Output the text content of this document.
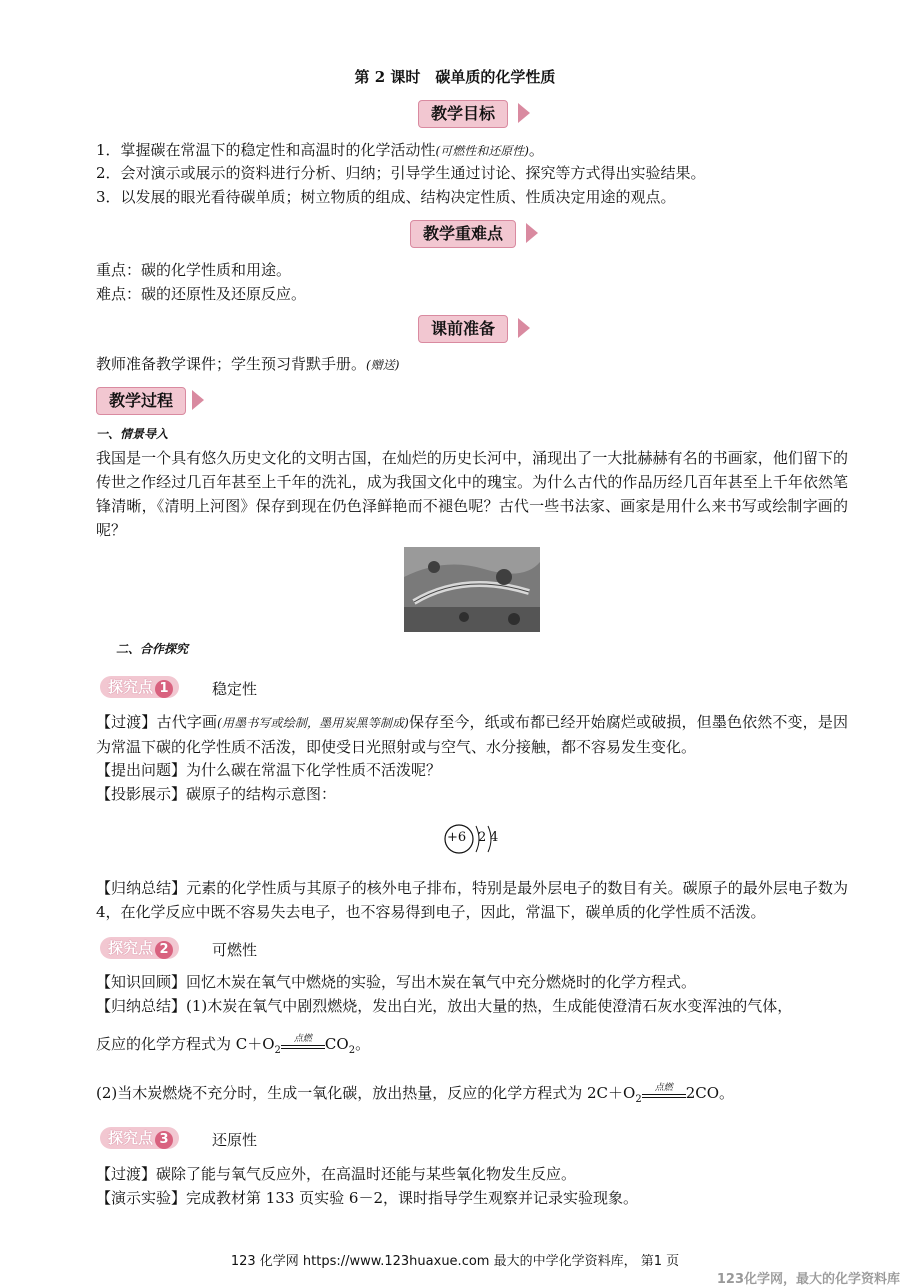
第 2 课时　碳单质的化学性质
教学目标
1．掌握碳在常温下的稳定性和高温时的化学活动性(可燃性和还原性)。
2．会对演示或展示的资料进行分析、归纳；引导学生通过讨论、探究等方式得出实验结果。
3．以发展的眼光看待碳单质；树立物质的组成、结构决定性质、性质决定用途的观点。
教学重难点
重点：碳的化学性质和用途。
难点：碳的还原性及还原反应。
课前准备
教师准备教学课件；学生预习背默手册。(赠送)
教学过程
一、情景导入
我国是一个具有悠久历史文化的文明古国，在灿烂的历史长河中，涌现出了一大批赫赫有名的书画家，他们留下的传世之作经过几百年甚至上千年的洗礼，成为我国文化中的瑰宝。为什么古代的作品历经几百年甚至上千年依然笔锋清晰，《清明上河图》保存到现在仍色泽鲜艳而不褪色呢？古代一些书法家、画家是用什么来书写或绘制字画的呢？
二、合作探究
探究点 1	稳定性
【过渡】古代字画(用墨书写或绘制，墨用炭黑等制成)保存至今，纸或布都已经开始腐烂或破损，但墨色依然不变，是因为常温下碳的化学性质不活泼，即使受日光照射或与空气、水分接触，都不容易发生变化。
【提出问题】为什么碳在常温下化学性质不活泼呢？
【投影展示】碳原子的结构示意图：
+6 2 4
【归纳总结】元素的化学性质与其原子的核外电子排布，特别是最外层电子的数目有关。碳原子的最外层电子数为 4，在化学反应中既不容易失去电子，也不容易得到电子，因此，常温下，碳单质的化学性质不活泼。
探究点 2	可燃性
【知识回顾】回忆木炭在氧气中燃烧的实验，写出木炭在氧气中充分燃烧时的化学方程式。
【归纳总结】(1)木炭在氧气中剧烈燃烧，发出白光，放出大量的热，生成能使澄清石灰水变浑浊的气体，
反应的化学方程式为 $C+O_2$
点燃 $CO_2$。
(2)当木炭燃烧不充分时，生成一氧化碳，放出热量，反应的化学方程式为 $2C+O_2$
点燃 2CO。
探究点 3	还原性
【过渡】碳除了能与氧气反应外，在高温时还能与某些氧化物发生反应。
【演示实验】完成教材第 133 页实验 6－2，课时指导学生观察并记录实验现象。
123 化学网 https://www.123huaxue.com 最大的中学化学资料库， 第1 页
123化学网，最大的化学资料库
